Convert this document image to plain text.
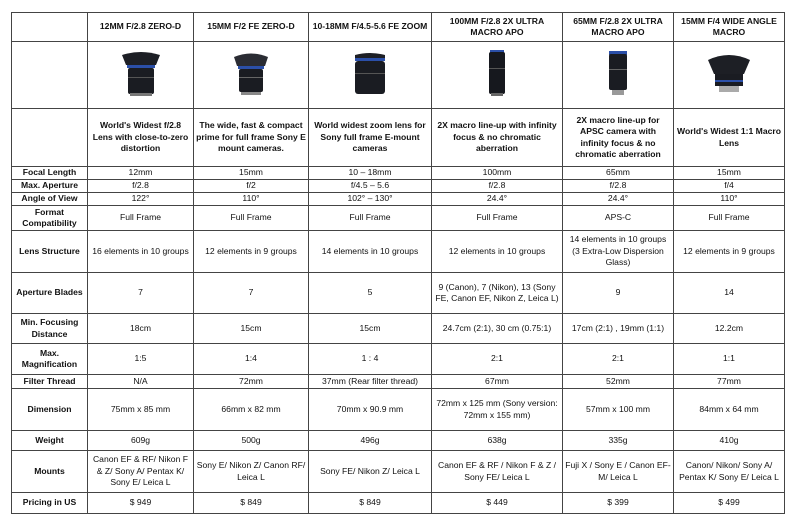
	12MM F/2.8 ZERO-D	15MM F/2 FE ZERO-D	10-18MM F/4.5-5.6 FE ZOOM	100MM F/2.8 2X ULTRA MACRO APO	65MM F/2.8 2X ULTRA MACRO APO	15MM F/4 WIDE ANGLE MACRO

	World's Widest f/2.8 Lens with close-to-zero distortion	The wide, fast & compact prime for full frame Sony E mount cameras.	World widest zoom lens for Sony full frame E-mount cameras	2X macro line-up with infinity focus & no chromatic aberration	2X macro line-up for APSC camera with infinity focus & no chromatic aberration	World's Widest 1:1 Macro Lens
Focal Length	12mm	15mm	10 – 18mm	100mm	65mm	15mm
Max. Aperture	f/2.8	f/2	f/4.5 – 5.6	f/2.8	f/2.8	f/4
Angle of View	122°	110°	102° – 130°	24.4°	24.4°	110°
Format Compatibility	Full Frame	Full Frame	Full Frame	Full Frame	APS-C	Full Frame
Lens Structure	16 elements in 10 groups	12 elements in 9 groups	14 elements in 10 groups	12 elements in 10 groups	14 elements in 10 groups (3 Extra-Low Dispersion Glass)	12 elements in 9 groups
Aperture Blades	7	7	5	9 (Canon), 7 (Nikon), 13 (Sony FE, Canon EF, Nikon Z, Leica L)	9	14
Min. Focusing Distance	18cm	15cm	15cm	24.7cm (2:1), 30 cm (0.75:1)	17cm (2:1) , 19mm (1:1)	12.2cm
Max. Magnification	1:5	1:4	1 : 4	2:1	2:1	1:1
Filter Thread	N/A	72mm	37mm (Rear filter thread)	67mm	52mm	77mm
Dimension	75mm x 85 mm	66mm x 82 mm	70mm x 90.9 mm	72mm x 125 mm (Sony version: 72mm x 155 mm)	57mm x 100 mm	84mm x 64 mm
Weight	609g	500g	496g	638g	335g	410g
Mounts	Canon EF & RF/ Nikon F & Z/ Sony A/ Pentax K/ Sony E/ Leica L	Sony E/ Nikon Z/ Canon RF/ Leica L	Sony FE/ Nikon Z/ Leica L	Canon EF & RF / Nikon F & Z / Sony FE/ Leica L	Fuji X / Sony E / Canon EF-M/ Leica L	Canon/ Nikon/ Sony A/ Pentax K/ Sony E/ Leica L
Pricing in US	$ 949	$ 849	$ 849	$ 449	$ 399	$ 499
